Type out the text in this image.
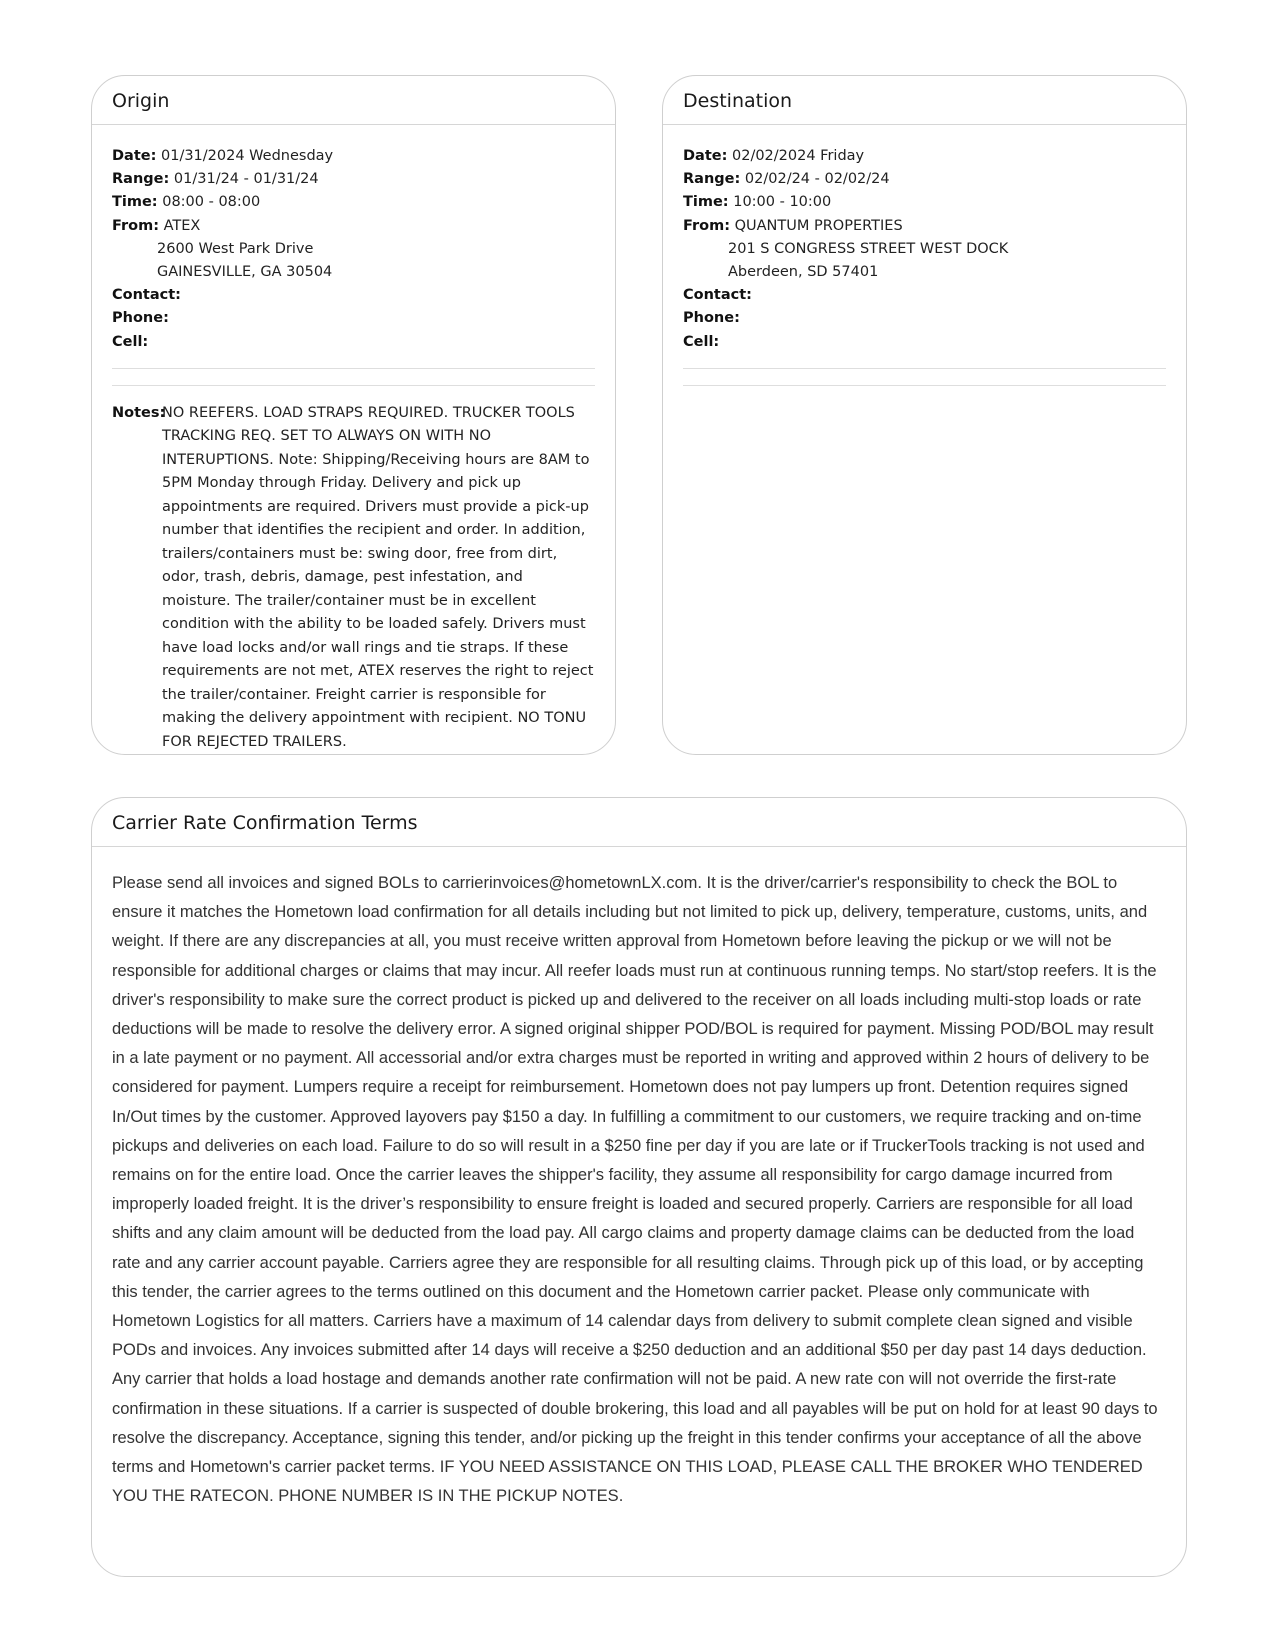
Origin
Date: 01/31/2024 Wednesday
Range: 01/31/24 - 01/31/24
Time: 08:00 - 08:00
From: ATEX
2600 West Park Drive
GAINESVILLE, GA 30504
Contact:
Phone:
Cell:
Notes:
NO REEFERS. LOAD STRAPS REQUIRED. TRUCKER TOOLS TRACKING REQ. SET TO ALWAYS ON WITH NO INTERUPTIONS. Note: Shipping/Receiving hours are 8AM to 5PM Monday through Friday. Delivery and pick up appointments are required. Drivers must provide a pick-up number that identifies the recipient and order. In addition, trailers/containers must be: swing door, free from dirt, odor, trash, debris, damage, pest infestation, and moisture. The trailer/container must be in excellent condition with the ability to be loaded safely. Drivers must have load locks and/or wall rings and tie straps. If these requirements are not met, ATEX reserves the right to reject the trailer/container. Freight carrier is responsible for making the delivery appointment with recipient. NO TONU FOR REJECTED TRAILERS.
Destination
Date: 02/02/2024 Friday
Range: 02/02/24 - 02/02/24
Time: 10:00 - 10:00
From: QUANTUM PROPERTIES
201 S CONGRESS STREET WEST DOCK
Aberdeen, SD 57401
Contact:
Phone:
Cell:
Carrier Rate Confirmation Terms
Please send all invoices and signed BOLs to carrierinvoices@hometownLX.com. It is the driver/carrier's responsibility to check the BOL to ensure it matches the Hometown load confirmation for all details including but not limited to pick up, delivery, temperature, customs, units, and weight. If there are any discrepancies at all, you must receive written approval from Hometown before leaving the pickup or we will not be responsible for additional charges or claims that may incur. All reefer loads must run at continuous running temps. No start/stop reefers. It is the driver's responsibility to make sure the correct product is picked up and delivered to the receiver on all loads including multi-stop loads or rate deductions will be made to resolve the delivery error. A signed original shipper POD/BOL is required for payment. Missing POD/BOL may result in a late payment or no payment. All accessorial and/or extra charges must be reported in writing and approved within 2 hours of delivery to be considered for payment. Lumpers require a receipt for reimbursement. Hometown does not pay lumpers up front. Detention requires signed In/Out times by the customer. Approved layovers pay $150 a day. In fulfilling a commitment to our customers, we require tracking and on-time pickups and deliveries on each load. Failure to do so will result in a $250 fine per day if you are late or if TruckerTools tracking is not used and remains on for the entire load. Once the carrier leaves the shipper's facility, they assume all responsibility for cargo damage incurred from improperly loaded freight. It is the driver’s responsibility to ensure freight is loaded and secured properly. Carriers are responsible for all load shifts and any claim amount will be deducted from the load pay. All cargo claims and property damage claims can be deducted from the load rate and any carrier account payable. Carriers agree they are responsible for all resulting claims. Through pick up of this load, or by accepting this tender, the carrier agrees to the terms outlined on this document and the Hometown carrier packet. Please only communicate with Hometown Logistics for all matters. Carriers have a maximum of 14 calendar days from delivery to submit complete clean signed and visible PODs and invoices. Any invoices submitted after 14 days will receive a $250 deduction and an additional $50 per day past 14 days deduction. Any carrier that holds a load hostage and demands another rate confirmation will not be paid. A new rate con will not override the first-rate confirmation in these situations. If a carrier is suspected of double brokering, this load and all payables will be put on hold for at least 90 days to resolve the discrepancy. Acceptance, signing this tender, and/or picking up the freight in this tender confirms your acceptance of all the above terms and Hometown's carrier packet terms. IF YOU NEED ASSISTANCE ON THIS LOAD, PLEASE CALL THE BROKER WHO TENDERED YOU THE RATECON. PHONE NUMBER IS IN THE PICKUP NOTES.
